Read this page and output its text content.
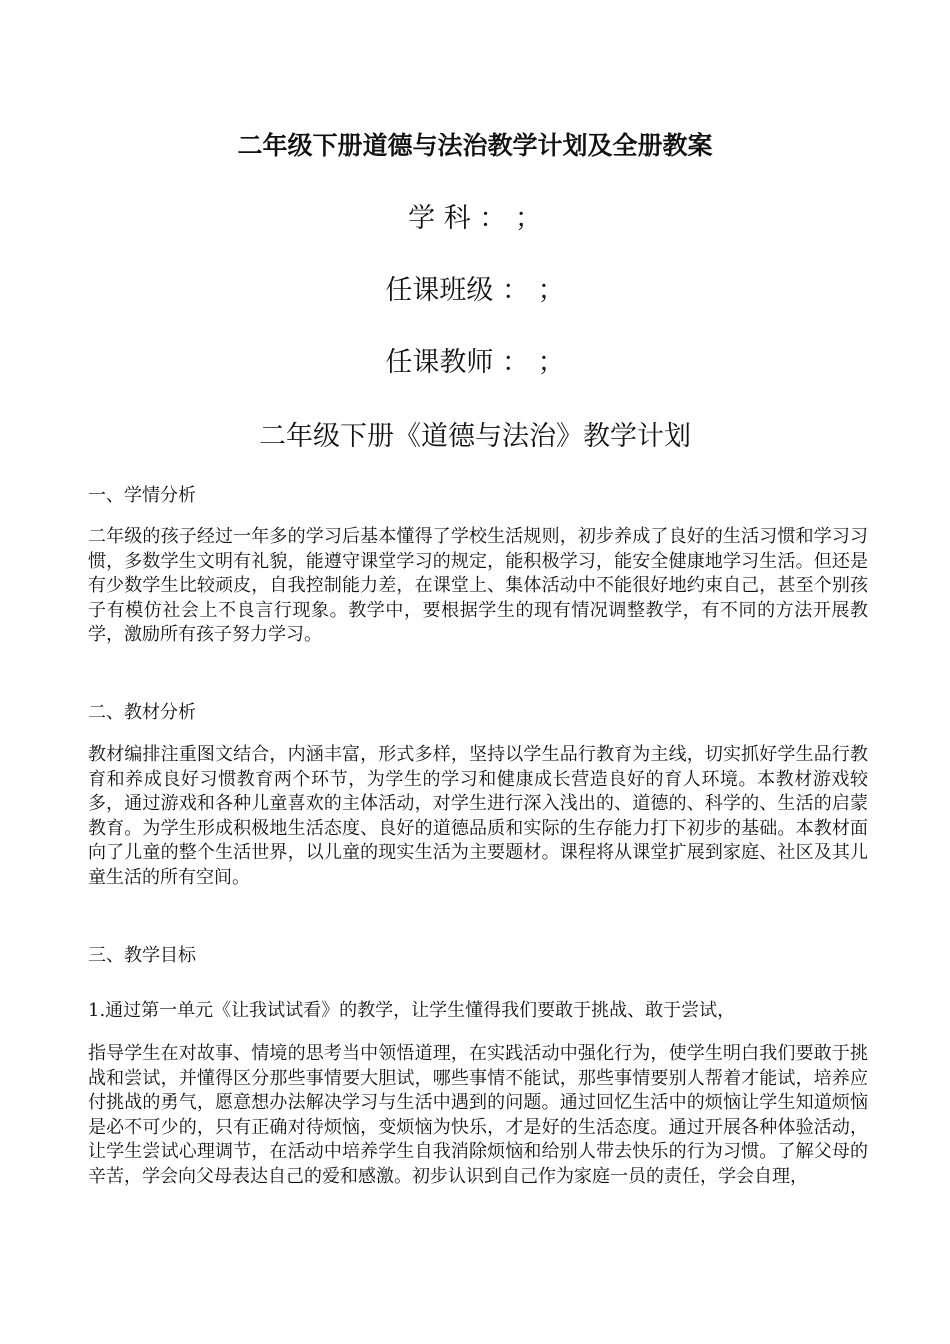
二年级下册道德与法治教学计划及全册教案
学 科 ： ；
任课班级 ： ；
任课教师 ： ；
二年级下册《道德与法治》教学计划
一、学情分析
二年级的孩子经过一年多的学习后基本懂得了学校生活规则，初步养成了良好的生活习惯和学习习惯，多数学生文明有礼貌，能遵守课堂学习的规定，能积极学习，能安全健康地学习生活。但还是有少数学生比较顽皮，自我控制能力差，在课堂上、集体活动中不能很好地约束自己，甚至个别孩子有模仿社会上不良言行现象。教学中，要根据学生的现有情况调整教学，有不同的方法开展教学，激励所有孩子努力学习。
二、教材分析
教材编排注重图文结合，内涵丰富，形式多样，坚持以学生品行教育为主线，切实抓好学生品行教育和养成良好习惯教育两个环节，为学生的学习和健康成长营造良好的育人环境。本教材游戏较多，通过游戏和各种儿童喜欢的主体活动，对学生进行深入浅出的、道德的、科学的、生活的启蒙教育。为学生形成积极地生活态度、良好的道德品质和实际的生存能力打下初步的基础。本教材面向了儿童的整个生活世界，以儿童的现实生活为主要题材。课程将从课堂扩展到家庭、社区及其儿童生活的所有空间。
三、教学目标
1.通过第一单元《让我试试看》的教学，让学生懂得我们要敢于挑战、敢于尝试，
指导学生在对故事、情境的思考当中领悟道理，在实践活动中强化行为，使学生明白我们要敢于挑战和尝试，并懂得区分那些事情要大胆试，哪些事情不能试，那些事情要别人帮着才能试，培养应付挑战的勇气，愿意想办法解决学习与生活中遇到的问题。通过回忆生活中的烦恼让学生知道烦恼是必不可少的，只有正确对待烦恼，变烦恼为快乐，才是好的生活态度。通过开展各种体验活动，让学生尝试心理调节，在活动中培养学生自我消除烦恼和给别人带去快乐的行为习惯。了解父母的辛苦，学会向父母表达自己的爱和感激。初步认识到自己作为家庭一员的责任，学会自理，
